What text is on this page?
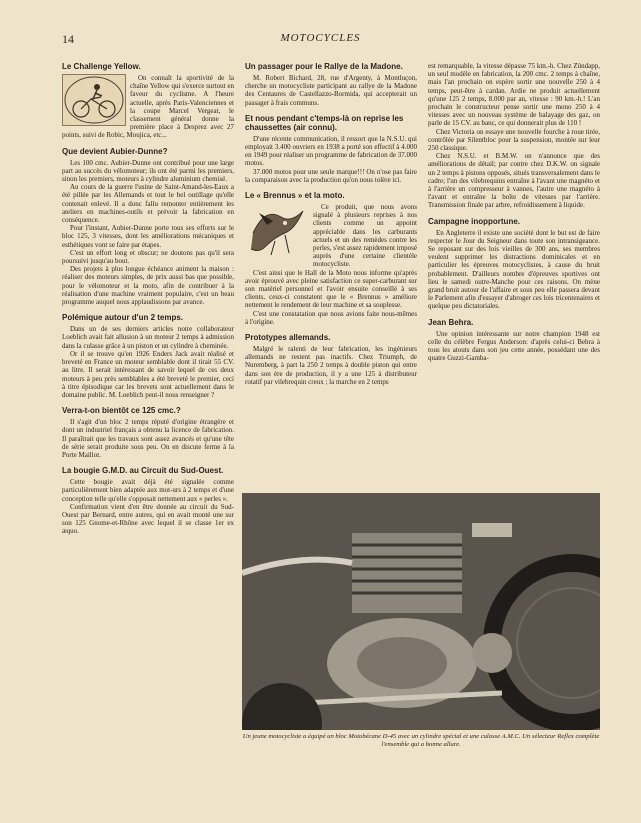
14	MOTOCYCLES
Le Challenge Yellow.

On connaît la sportivité de la chaîne Yellow qui s'exerce surtout en faveur du cyclisme. A l'heure actuelle, après Paris-Valenciennes et la coupe Marcel Vergeat, le classement général donne la première place à Desprez avec 27 points, suivi de Robic, Moujica, etc...

Que devient Aubier-Dunne?

Les 100 cmc. Aubier-Dunne ont contribué pour une large part au succès du vélomoteur; ils ont été parmi les premiers, sinon les premiers, moteurs à cylindre aluminium chemisé.

Au cours de la guerre l'usine de Saint-Amand-les-Eaux a été pillée par les Allemands et tout le bel outillage qu'elle contenait enlevé. Il a donc fallu remonter entièrement les ateliers en machines-outils et prévoir la fabrication en conséquence.

Pour l'instant, Aubier-Dunne porte tous ses efforts sur le bloc 125, 3 vitesses, dont les améliorations mécaniques et esthétiques vont se faire par étapes.

C'est un effort long et obscur; ne doutons pas qu'il sera poursuivi jusqu'au bout.

Des projets à plus longue échéance animent la maison : réaliser des moteurs simples, de prix aussi bas que possible, pour le vélomoteur et la moto, afin de contribuer à la réalisation d'une machine vraiment populaire, c'est un beau programme auquel nous applaudissons par avance.

Polémique autour d'un 2 temps.

Dans un de ses derniers articles notre collaborateur Loeblich avait fait allusion à un moteur 2 temps à admission dans la culasse grâce à un piston et un cylindre à cheminée.

Or il se trouve qu'en 1926 Enders Jack avait réalisé et breveté en France un moteur semblable dont il tirait 55 CV. au litre. Il serait intéressant de savoir lequel de ces deux moteurs à peu près semblables a été breveté le premier, ceci à titre épisodique car les brevets sont actuellement dans le domaine public. M. Loeblich peut-il nous renseigner ?

Verra-t-on bientôt ce 125 cmc.?

Il s'agit d'un bloc 2 temps réputé d'origine étrangère et dont un industriel français a obtenu la licence de fabrication. Il paraîtrait que les travaux sont assez avancés et qu'une tête de série serait produite sous peu. On en discute ferme à la Porte Maillot.

La bougie G.M.D. au Circuit du Sud-Ouest.

Cette bougie avait déjà été signalée comme particulièrement bien adaptée aux mot-urs à 2 temps et d'une conception telle qu'elle s'opposait nettement aux « perles ».

Confirmation vient d'en être donnée au circuit du Sud-Ouest par Bernard, entre autres, qui en avait monté une sur son 125 Gnome-et-Rhône avec lequel il se classe 1er ex æquo.

Un passager pour le Rallye de la Madone.

M. Robert Bichard, 28, rue d'Argenty, à Montluçon, cherche un motocycliste participant au rallye de la Madone des Centaures de Castellazzo-Bormida, qui accepterait un passager à frais communs.

Et nous pendant c'temps-là on reprise les chaussettes (air connu).

D'une récente communication, il ressort que la N.S.U. qui employait 3.400 ouvriers en 1938 a porté son effectif à 4.000 en 1949 pour réaliser un programme de fabrication de 37.000 motos.

37.000 motos pour une seule marque!!! On n'ose pas faire la comparaison avec la production qu'on nous tolère ici.

Le « Brennus » et la moto.

Ce produit, que nous avons signalé à plusieurs reprises à nos clients comme un appoint appréciable dans les carburants actuels et un des remèdes contre les perles, s'est assez rapidement imposé auprès d'une certaine clientèle motocycliste.

C'est ainsi que le Hall de la Moto nous informe qu'après avoir éprouvé avec pleine satisfaction ce super-carburant sur son matériel personnel et l'avoir ensuite conseillé à ses clients, ceux-ci constatent que le « Brennus » améliore nettement le rendement de leur machine et sa souplesse.

C'est une constatation que nous avions faite nous-mêmes à l'origine.

Prototypes allemands.

Malgré le ralenti de leur fabrication, les ingénieurs allemands ne restent pas inactifs. Chez Triumph, de Nuremberg, à part la 250 2 temps à double piston qui entre dans son ère de production, il y a une 125 à distributeur rotatif par vilebrequin creux ; la marche en 2 temps

est remarquable, la vitesse dépasse 75 km.-h. Chez Zündapp, un seul modèle en fabrication, la 200 cmc. 2 temps à chaîne, mais l'an prochain on espère sortir une nouvelle 250 à 4 temps, peut-être à cardan. Ardie ne produit actuellement qu'une 125 2 temps, 8.000 par an, vitesse : 90 km.-h.! L'an prochain le constructeur pense sortir une mono 250 à 4 vitesses avec un nouveau système de balayage des gaz, on parle de 15 CV. au banc, ce qui donnerait plus de 110 !

Chez Victoria on essaye une nouvelle fourche à roue tirée, contrôlée par Silentbloc pour la suspension, montée sur leur 250 classique.

Chez N.S.U. et B.M.W. on n'annonce que des améliorations de détail; par contre chez D.K.W. on signale un 2 temps à pistons opposés, situés transversalement dans le cadre; l'un des vilebrequins entraîne à l'avant une magnéto et à l'arrière un compresseur à vannes, l'autre une magnéto à l'avant et entraîne la boîte de vitesses par l'arrière. Transmission finale par arbre, refroidissement à liquide.

Campagne inopportune.

En Angleterre il existe une société dont le but est de faire respecter le Jour du Seigneur dans toute son intransigeance. Se reposant sur des lois vieilles de 300 ans, ses membres veulent supprimer les distractions dominicales et en particulier les épreuves motocyclistes, à cause du bruit probablement. D'ailleurs nombre d'épreuves sportives ont lieu le samedi outre-Manche pour ces raisons. On mène grand bruit autour de l'affaire et sous peu elle passera devant le Parlement afin d'essayer d'abroger ces lois tricentenaires et quelque peu dictatoriales.

Jean Behra.

Une opinion intéressante sur notre champion 1948 est celle du célèbre Fergus Anderson: d'après celui-ci Behra à tous les atouts dans son jeu cette année, possédant une des quatre Guzzi-Gamba-

Un jeune motocycliste a équipé un bloc Motobécane D-45 avec un cylindre spécial et une culasse A.M.C. Un sélecteur Reflex complète l'ensemble qui a bonne allure.
